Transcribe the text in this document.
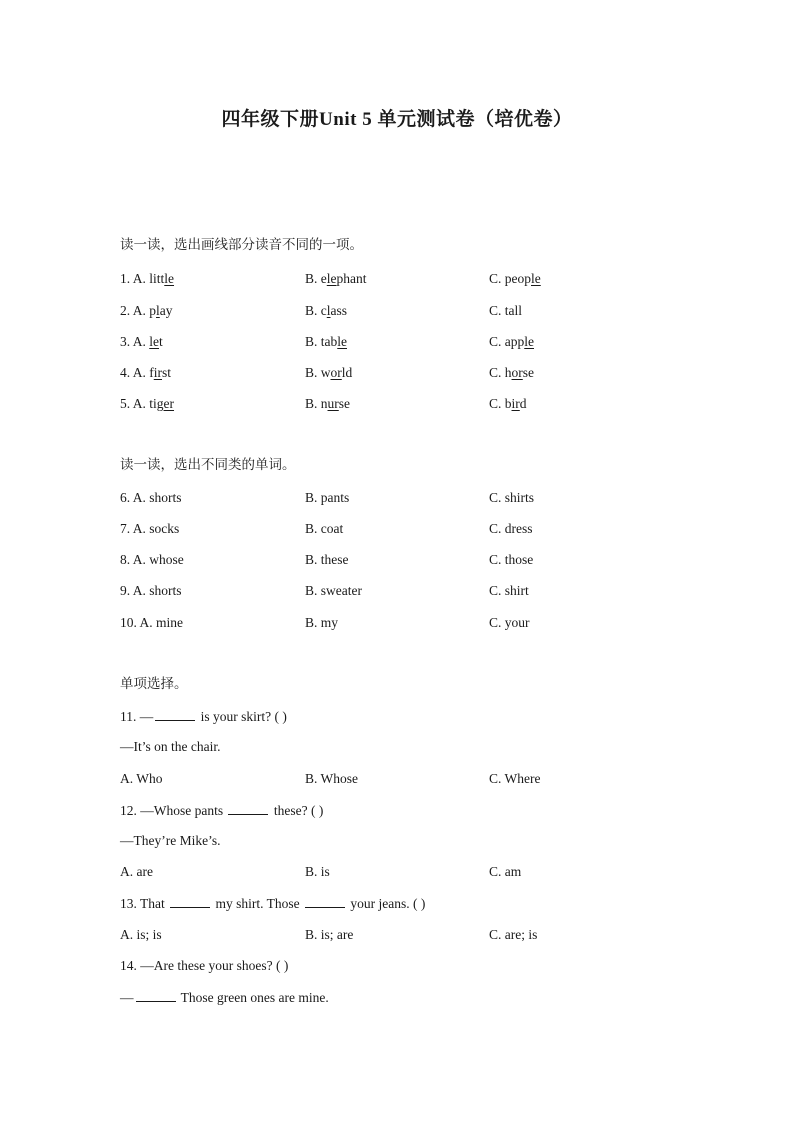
四年级下册Unit 5 单元测试卷（培优卷）
读一读，选出画线部分读音不同的一项。
1. A. little	B. elephant	C. people
2. A. play	B. class	C. tall
3. A. let	B. table	C. apple
4. A. first	B. world	C. horse
5. A. tiger	B. nurse	C. bird
读一读，选出不同类的单词。
6. A. shorts	B. pants	C. shirts
7. A. socks	B. coat	C. dress
8. A. whose	B. these	C. those
9. A. shorts	B. sweater	C. shirt
10. A. mine	B. my	C. your
单项选择。
11. —	is your skirt? ( )
—It’s on the chair.
A. Who	B. Whose	C. Where
12. —Whose pants	these? ( )
—They’re Mike’s.
A. are	B. is	C. am
13. That	my shirt. Those	your jeans. ( )
A. is; is	B. is; are	C. are; is
14. —Are these your shoes? ( )
—	Those green ones are mine.
